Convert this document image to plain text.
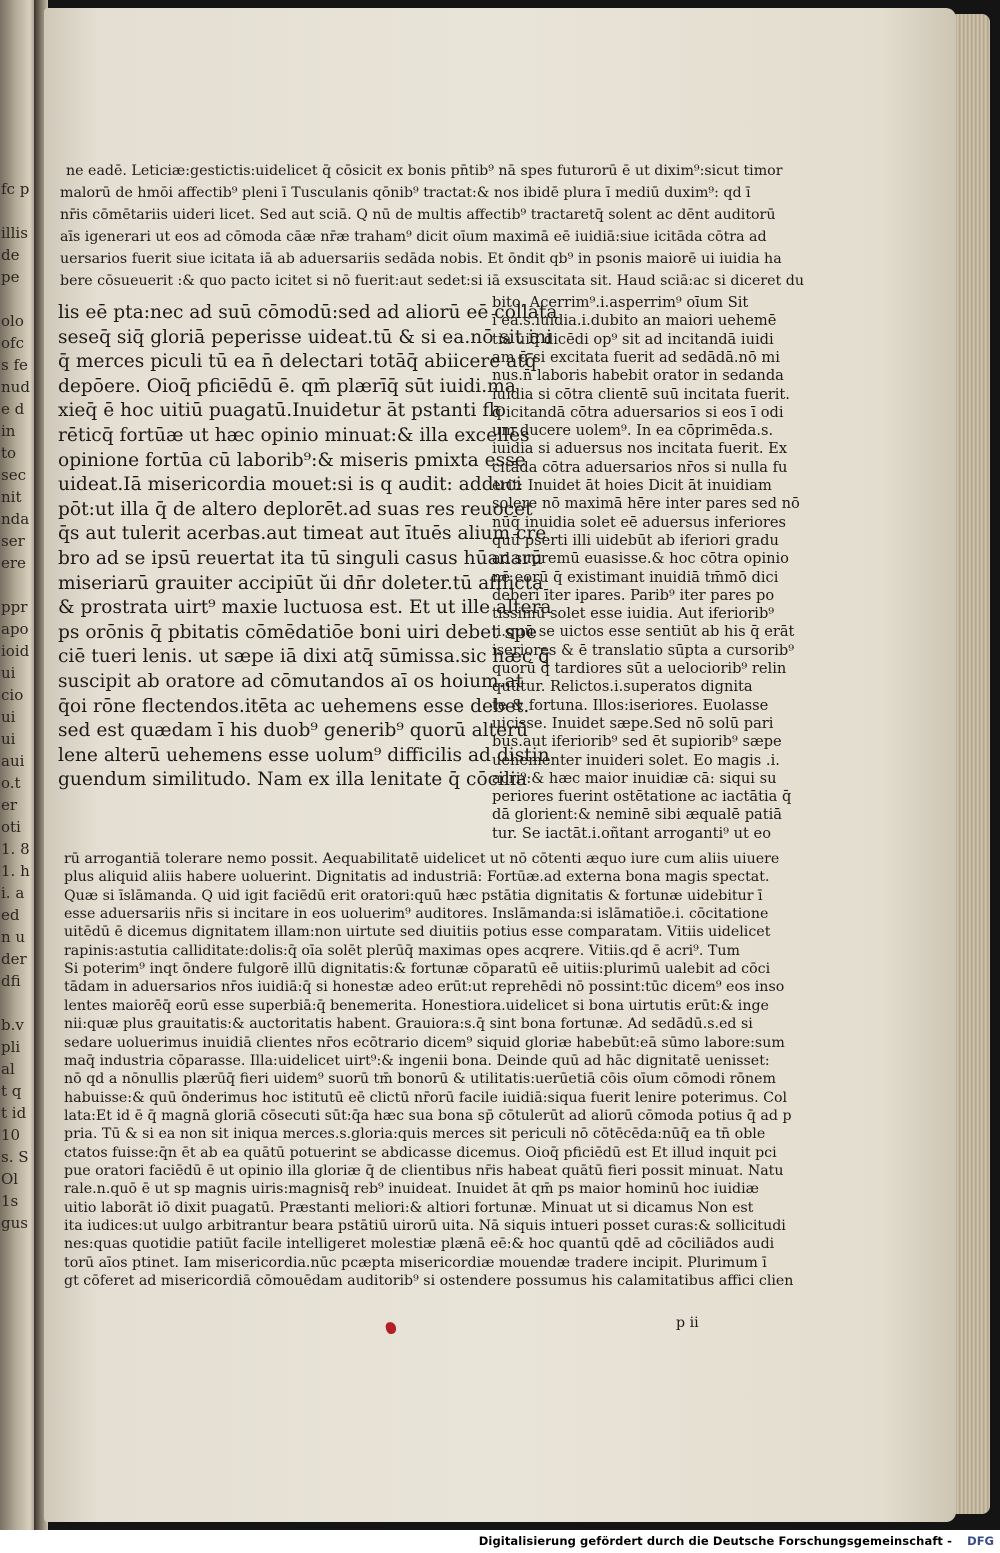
fc p
illis
de
pe
olo
ofc
s fe
nud
e d
in
to
sec
nit
nda
ser
ere
ppr
apo
ioid
ui
cio
ui
ui
aui
o.t
er
oti
1. 8
1. h
i. a
ed
n u
der
dfi
b.v
pli
al
t q
t id
10
s. S
Ol
1s
gus
ne eadē. Leticiæ:gestictis:uidelicet q̄ cōsicit ex bonis pn̄tib⁹ nā spes futurorū ē ut dixim⁹:sicut timor
malorū de hmōi affectib⁹ pleni ī Tusculanis qōnib⁹ tractat:& nos ibidē plura ī mediū duxim⁹: qd ī
nr̄is cōmētariis uideri licet. Sed aut sciā. Q nū de multis affectib⁹ tractaretq̄ solent ac dēnt auditorū
aīs igenerari ut eos ad cōmoda cāæ nr̄æ traham⁹ dicit oīum maximā eē iuidiā:siue icitāda cōtra ad
uersarios fuerit siue icitata iā ab aduersariis sedāda nobis. Et ōndit qb⁹ in psonis maiorē ui iuidia ha
bere cōsueuerit :& quo pacto icitet si nō fuerit:aut sedet:si iā exsuscitata sit. Haud sciā:ac si diceret du
lis eē pta:nec ad suū cōmodū:sed ad aliorū eē collata
seseq̄ siq̄ gloriā peperisse uideat.tū & si ea.nō sit ini
q̄ merces piculi tū ea n̄ delectari totāq̄ abiicere atq̄
depōere. Oioq̄ pficiēdū ē. qm̄ plærīq̄ sūt iuidi.ma
xieq̄ ē hoc uitiū puagatū.Inuidetur āt pstanti flo
rēticq̄ fortūæ ut hæc opinio minuat:& illa excellēs
opinione fortūa cū laborib⁹:& miseris pmixta esse
uideat.Iā misericordia mouet:si is q audit: adduci
pōt:ut illa q̄ de altero deplorēt.ad suas res reuocet
q̄s aut tulerit acerbas.aut timeat aut ītuēs alium cre
bro ad se ipsū reuertat ita tū singuli casus hūanarū
miseriarū grauiter accipiūt ŭi dn̄r doleter.tū afflicta
& prostrata uirt⁹ maxie luctuosa est. Et ut ille altera
ps orōnis q̄ pbitatis cōmēdatiōe boni uiri debet spe
ciē tueri lenis. ut sæpe iā dixi atq̄ sūmissa.sic hæc q̄
suscipit ab oratore ad cōmutandos aī os hoium.at
q̄oi rōne flectendos.itēta ac uehemens esse debet.
sed est quædam ī his duob⁹ generib⁹ quorū alterū
lene alterū uehemens esse uolum⁹ difficilis ad distin
guendum similitudo. Nam ex illa lenitate q̄ cōcilia
bito. Acerrim⁹.i.asperrim⁹ oīum Sit
ī ea.s.iuidia.i.dubito an maiori uehemē
tia uiq̄ dicēdi op⁹ sit ad incitandā iuidi
am q̄ si excitata fuerit ad sedādā.nō mi
nus.n̄ laboris habebit orator in sedanda
iuidia si cōtra clientē suū incitata fuerit.
q̄ icitandā cōtra aduersarios si eos ī odi
um ducere uolem⁹. In ea cōprimēda.s.
iuidia si aduersus nos incitata fuerit. Ex
citāda cōtra aduersarios nr̄os si nulla fu
erit: Inuidet āt hoies Dicit āt inuidiam
solere nō maximā hēre inter pares sed nō
nūq̄ inuidia solet eē aduersus inferiores
quū pserti illi uidebūt ab iferiori gradu
ad supremū euasisse.& hoc cōtra opinio
nē eorū q̄ existimant inuidiā tm̄mō dici
deberi īter ipares. Parib⁹ iter pares po
tissimū solet esse iuidia. Aut iferiorib⁹
.i.quū se uictos esse sentiūt ab his q̄ erāt
iseriores & ē translatio sūpta a cursorib⁹
quorū q̄ tardiores sūt a uelociorib⁹ relin
quūtur. Relictos.i.superatos dignita
te & fortuna. Illos:iseriores. Euolasse
uicisse. Inuidet sæpe.Sed nō solū pari
bus.aut iferiorib⁹ sed ēt supiorib⁹ sæpe
uehementer inuideri solet. Eo magis .i.
acri⁹:& hæc maior inuidiæ cā: siqui su
periores fuerint ostētatione ac iactātia q̄
dā glorient:& neminē sibi æqualē patiā
tur. Se iactāt.i.oñtant arroganti⁹ ut eo
rū arrogantiā tolerare nemo possit. Aequabilitatē uidelicet ut nō cōtenti æquo iure cum aliis uiuere
plus aliquid aliis habere uoluerint. Dignitatis ad industriā: Fortūæ.ad externa bona magis spectat.
Quæ si īslāmanda. Q uid igit faciēdū erit oratori:quū hæc pstātia dignitatis & fortunæ uidebitur ī
esse aduersariis nr̄is si incitare in eos uoluerim⁹ auditores. Inslāmanda:si islāmatiōe.i. cōcitatione
uitēdū ē dicemus dignitatem illam:non uirtute sed diuitiis potius esse comparatam. Vitiis uidelicet
rapinis:astutia calliditate:dolis:q̄ oīa solēt plerūq̄ maximas opes acqrere. Vitiis.qd ē acri⁹. Tum
Si poterim⁹ inqt ōndere fulgorē illū dignitatis:& fortunæ cōparatū eē uitiis:plurimū ualebit ad cōci
tādam in aduersarios nr̄os iuidiā:q̄ si honestæ adeo erūt:ut reprehēdi nō possint:tūc dicem⁹ eos inso
lentes maiorēq̄ eorū esse superbiā:q̄ benemerita. Honestiora.uidelicet si bona uirtutis erūt:& inge
nii:quæ plus grauitatis:& auctoritatis habent. Grauiora:s.q̄ sint bona fortunæ. Ad sedādū.s.ed si
sedare uoluerimus inuidiā clientes nr̄os ecōtrario dicem⁹ siquid gloriæ habebūt:eā sūmo labore:sum
maq̄ industria cōparasse. Illa:uidelicet uirt⁹:& ingenii bona. Deinde quū ad hāc dignitatē uenisset:
nō qd a nōnullis plærūq̄ fieri uidem⁹ suorū tm̄ bonorū & utilitatis:uerūetiā cōis oīum cōmodi rōnem
habuisse:& quū ōnderimus hoc istitutū eē clictū nr̄orū facile iuidiā:siqua fuerit lenire poterimus. Col
lata:Et id ē q̄ magnā gloriā cōsecuti sūt:q̄a hæc sua bona sp̄ cōtulerūt ad aliorū cōmoda potius q̄ ad p
pria. Tū & si ea non sit iniqua merces.s.gloria:quis merces sit periculi nō cōtēcēda:nūq̄ ea tn̄ oble
ctatos fuisse:q̄n ēt ab ea quātū potuerint se abdicasse dicemus. Oioq̄ pficiēdū est Et illud inquit pci
pue oratori faciēdū ē ut opinio illa gloriæ q̄ de clientibus nr̄is habeat quātū fieri possit minuat. Natu
rale.n.quō ē ut sp magnis uiris:magnisq̄ reb⁹ inuideat. Inuidet āt qm̄ ps maior hominū hoc iuidiæ
uitio laborāt iō dixit puagatū. Præstanti meliori:& altiori fortunæ. Minuat ut si dicamus Non est
ita iudices:ut uulgo arbitrantur beara pstātiū uirorū uita. Nā siquis intueri posset curas:& sollicitudi
nes:quas quotidie patiūt facile intelligeret molestiæ plænā eē:& hoc quantū qdē ad cōciliādos audi
torū aīos ptinet. Iam misericordia.nūc pcæpta misericordiæ mouendæ tradere incipit. Plurimum ī
gt cōferet ad misericordiā cōmouēdam auditorib⁹ si ostendere possumus his calamitatibus affici clien
p ii
Digitalisierung gefördert durch die Deutsche Forschungsgemeinschaft - DFG
